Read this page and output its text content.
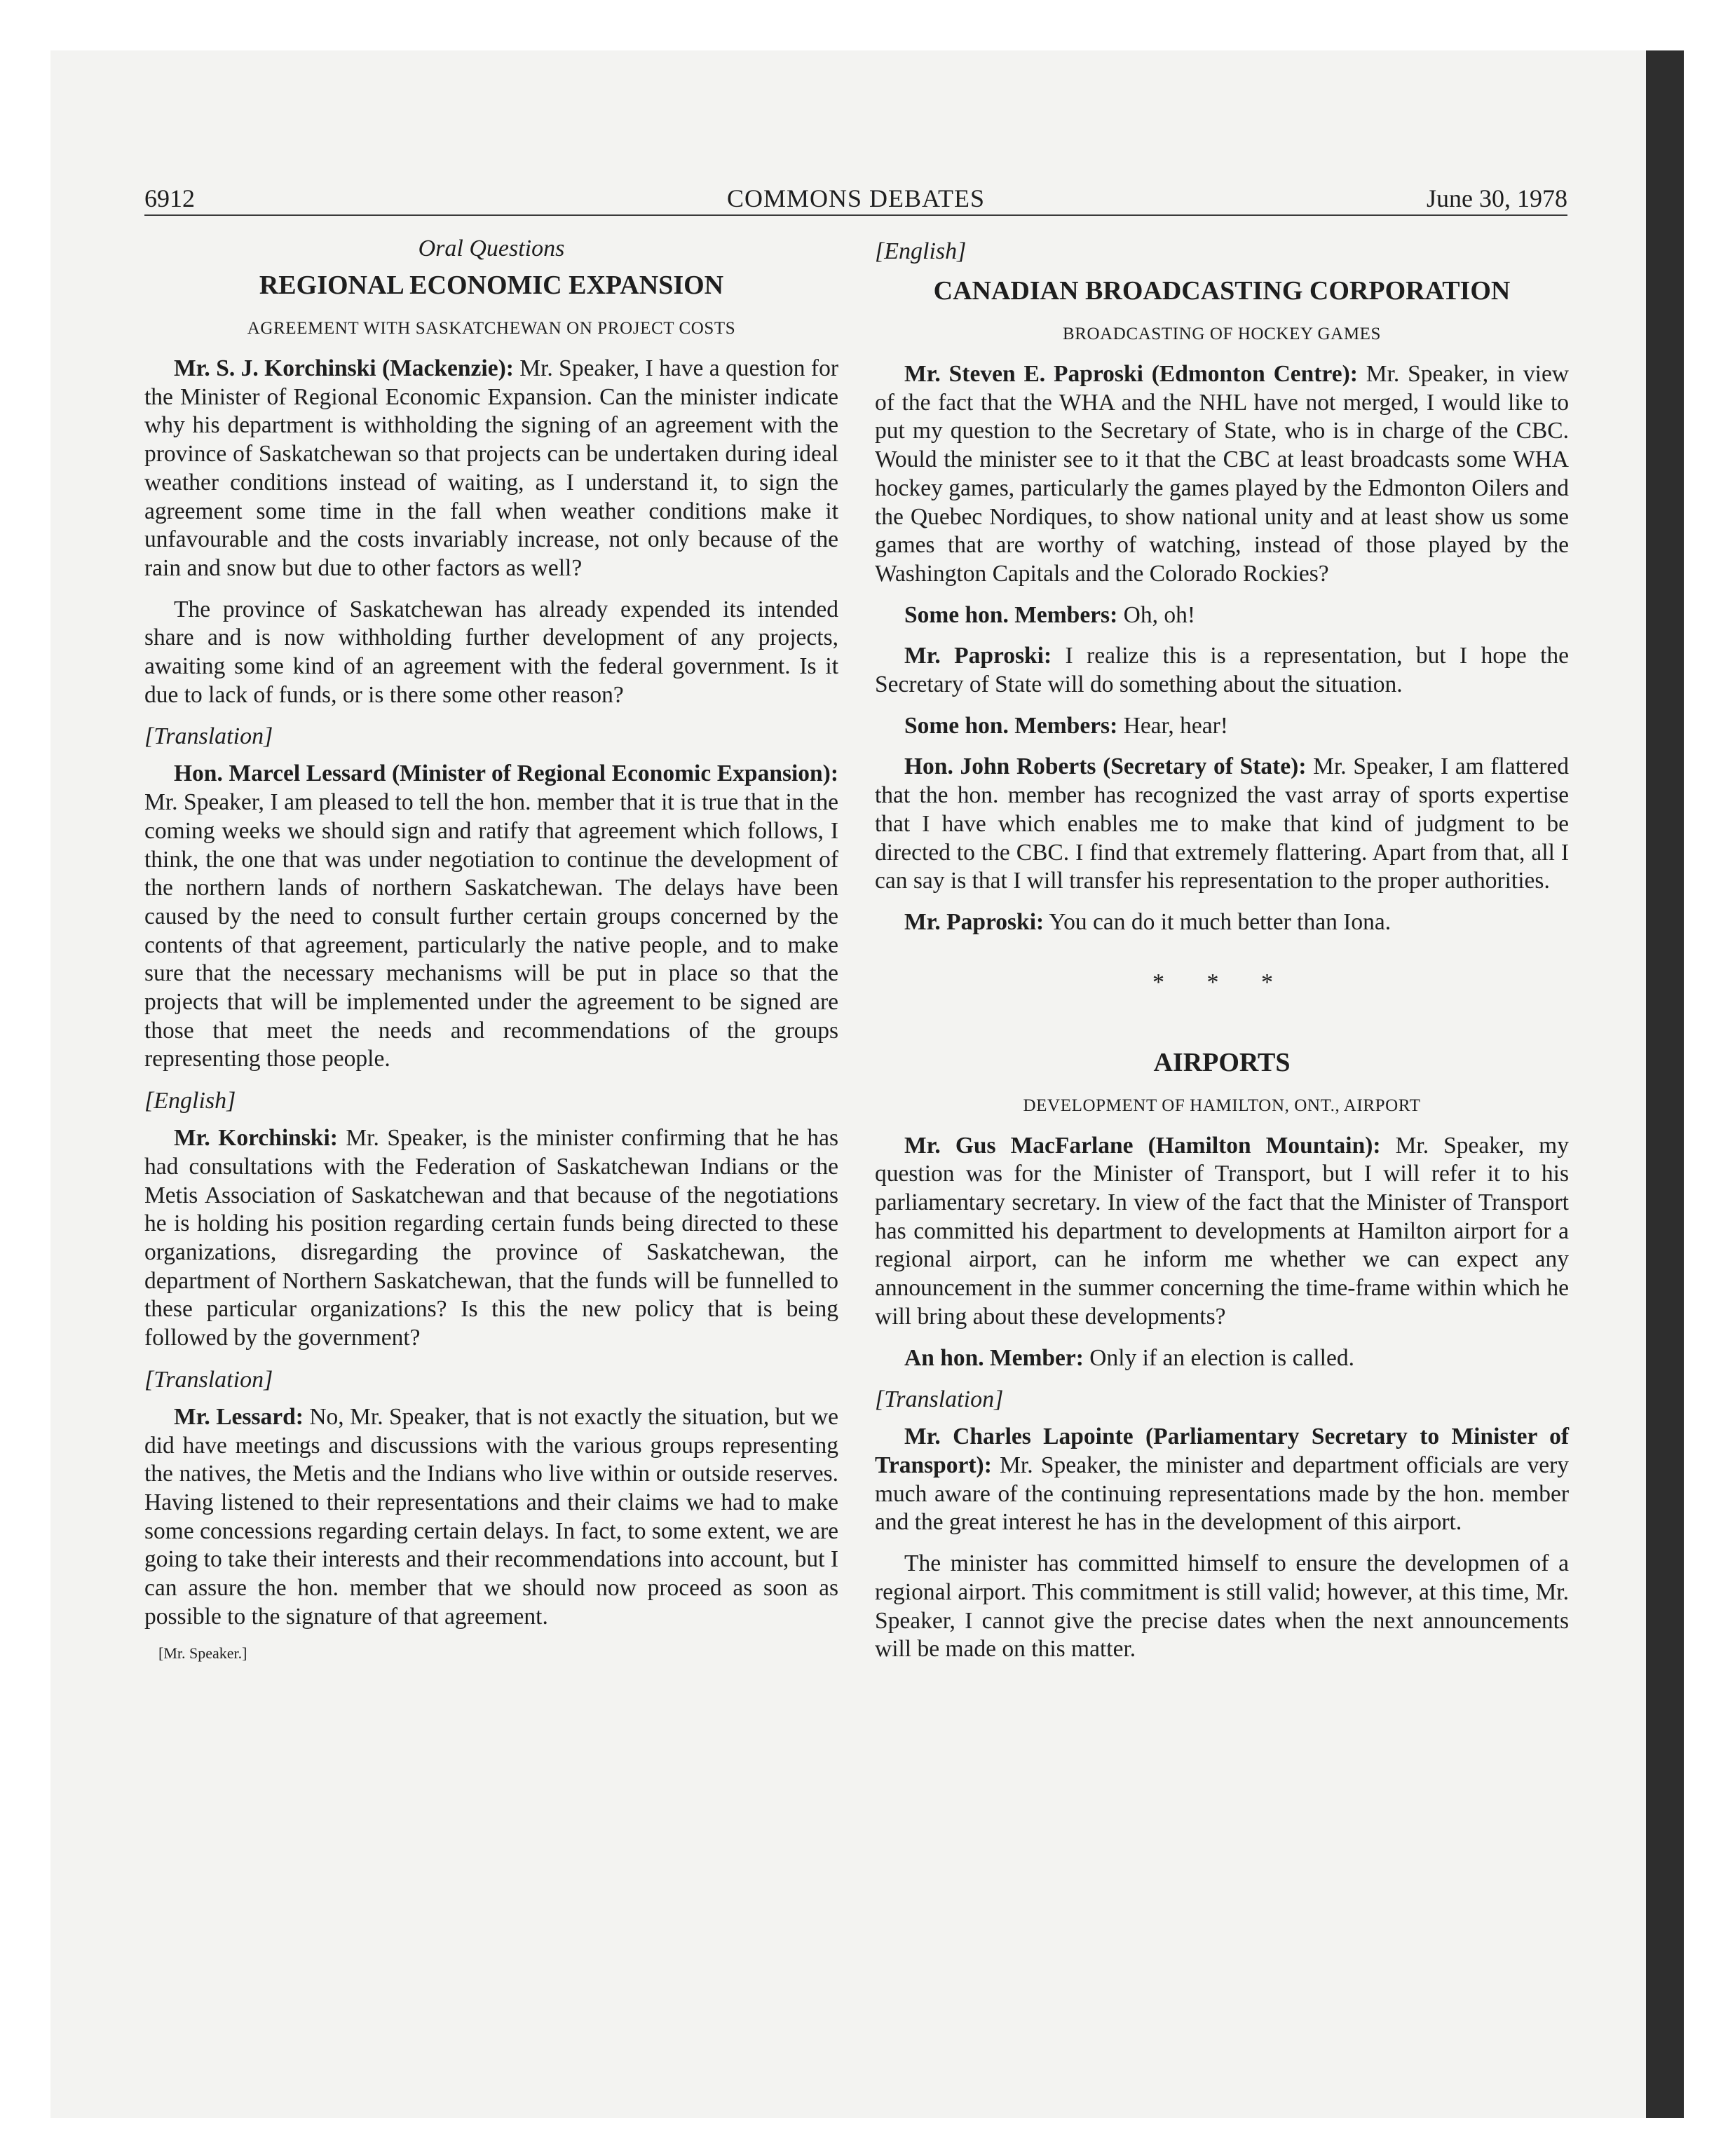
6912	COMMONS DEBATES	June 30, 1978

Oral Questions

REGIONAL ECONOMIC EXPANSION

AGREEMENT WITH SASKATCHEWAN ON PROJECT COSTS

Mr. S. J. Korchinski (Mackenzie): Mr. Speaker, I have a question for the Minister of Regional Economic Expansion. Can the minister indicate why his department is withholding the signing of an agreement with the province of Saskatchewan so that projects can be undertaken during ideal weather conditions instead of waiting, as I understand it, to sign the agreement some time in the fall when weather conditions make it unfavourable and the costs invariably increase, not only because of the rain and snow but due to other factors as well?

The province of Saskatchewan has already expended its intended share and is now withholding further development of any projects, awaiting some kind of an agreement with the federal government. Is it due to lack of funds, or is there some other reason?

[Translation]

Hon. Marcel Lessard (Minister of Regional Economic Expansion): Mr. Speaker, I am pleased to tell the hon. member that it is true that in the coming weeks we should sign and ratify that agreement which follows, I think, the one that was under negotiation to continue the development of the northern lands of northern Saskatchewan. The delays have been caused by the need to consult further certain groups concerned by the contents of that agreement, particularly the native people, and to make sure that the necessary mechanisms will be put in place so that the projects that will be implemented under the agreement to be signed are those that meet the needs and recommendations of the groups representing those people.

[English]

Mr. Korchinski: Mr. Speaker, is the minister confirming that he has had consultations with the Federation of Saskatchewan Indians or the Metis Association of Saskatchewan and that because of the negotiations he is holding his position regarding certain funds being directed to these organizations, disregarding the province of Saskatchewan, the department of Northern Saskatchewan, that the funds will be funnelled to these particular organizations? Is this the new policy that is being followed by the government?

[Translation]

Mr. Lessard: No, Mr. Speaker, that is not exactly the situation, but we did have meetings and discussions with the various groups representing the natives, the Metis and the Indians who live within or outside reserves. Having listened to their representations and their claims we had to make some concessions regarding certain delays. In fact, to some extent, we are going to take their interests and their recommendations into account, but I can assure the hon. member that we should now proceed as soon as possible to the signature of that agreement.

[Mr. Speaker.]

[English]

CANADIAN BROADCASTING CORPORATION

BROADCASTING OF HOCKEY GAMES

Mr. Steven E. Paproski (Edmonton Centre): Mr. Speaker, in view of the fact that the WHA and the NHL have not merged, I would like to put my question to the Secretary of State, who is in charge of the CBC. Would the minister see to it that the CBC at least broadcasts some WHA hockey games, particularly the games played by the Edmonton Oilers and the Quebec Nordiques, to show national unity and at least show us some games that are worthy of watching, instead of those played by the Washington Capitals and the Colorado Rockies?

Some hon. Members: Oh, oh!

Mr. Paproski: I realize this is a representation, but I hope the Secretary of State will do something about the situation.

Some hon. Members: Hear, hear!

Hon. John Roberts (Secretary of State): Mr. Speaker, I am flattered that the hon. member has recognized the vast array of sports expertise that I have which enables me to make that kind of judgment to be directed to the CBC. I find that extremely flattering. Apart from that, all I can say is that I will transfer his representation to the proper authorities.

Mr. Paproski: You can do it much better than Iona.

* * *

AIRPORTS

DEVELOPMENT OF HAMILTON, ONT., AIRPORT

Mr. Gus MacFarlane (Hamilton Mountain): Mr. Speaker, my question was for the Minister of Transport, but I will refer it to his parliamentary secretary. In view of the fact that the Minister of Transport has committed his department to developments at Hamilton airport for a regional airport, can he inform me whether we can expect any announcement in the summer concerning the time-frame within which he will bring about these developments?

An hon. Member: Only if an election is called.

[Translation]

Mr. Charles Lapointe (Parliamentary Secretary to Minister of Transport): Mr. Speaker, the minister and department officials are very much aware of the continuing representations made by the hon. member and the great interest he has in the development of this airport.

The minister has committed himself to ensure the developmen of a regional airport. This commitment is still valid; however, at this time, Mr. Speaker, I cannot give the precise dates when the next announcements will be made on this matter.
